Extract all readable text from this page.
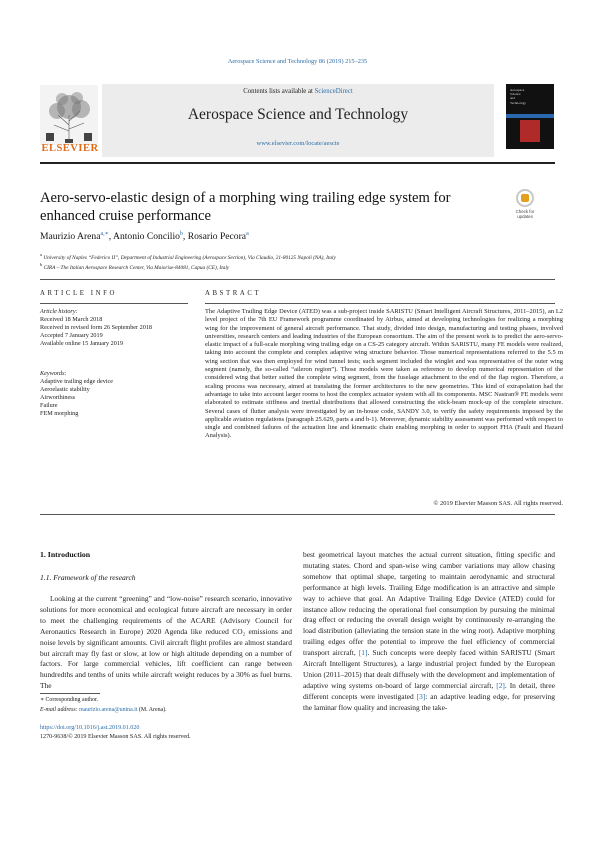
Aerospace Science and Technology 86 (2019) 215–235
Contents lists available at ScienceDirect
Aerospace Science and Technology
www.elsevier.com/locate/aescte
ELSEVIER
Aerospace
Science
and
Technology
Aero-servo-elastic design of a morphing wing trailing edge system for enhanced cruise performance	Check for
updates
Maurizio Arena$^{a,∗}$, Antonio Concilio$^b$, Rosario Pecora$^a$
$^a$ University of Naples “Federico II”, Department of Industrial Engineering (Aerospace Section), Via Claudio, 21-80125 Napoli (NA), Italy
$^b$ CIRA – The Italian Aerospace Research Center, Via Maiorise-84081, Capua (CE), Italy
ARTICLE INFO	ABSTRACT
Article history:
Received 18 March 2018
Received in revised form 26 September 2018
Accepted 7 January 2019
Available online 15 January 2019
Keywords:
Adaptive trailing edge device
Aeroelastic stability
Airworthiness
Failure
FEM morphing
The Adaptive Trailing Edge Device (ATED) was a sub-project inside SARISTU (Smart Intelligent Aircraft Structures, 2011–2015), an L2 level project of the 7th EU Framework programme coordinated by Airbus, aimed at developing technologies for realizing a morphing wing for the improvement of general aircraft performance. That study, divided into design, manufacturing and testing phases, involved universities, research centers and leading industries of the European consortium. The aim of the present work is to predict the aero-servo-elastic impact of a full-scale morphing wing trailing edge on a CS-25 category aircraft. Within SARISTU, many FE models were realized, taking into account the complete and complex adaptive wing structure behavior. Those numerical representations referred to the 5.5 m wing section that was then employed for wind tunnel tests; such segment included the winglet and was representative of the outer wing segment (namely, the so-called “aileron region”). Those models were taken as reference to develop numerical representation of the considered wing that better suited the complete wing segment, from the fuselage attachment to the end of the flap region. Therefore, a scaling process was necessary, aimed at translating the former architectures to the new geometries. This kind of extrapolation had the advantage to take into account larger rooms to host the complex actuator system with all its components. MSC Nastran® FE models were elaborated to estimate stiffness and inertial distributions that allowed constructing the stick-beam mock-up of the complete structure. Several cases of flutter analysis were investigated by an in-house code, SANDY 3.0, to verify the safety requirements imposed by the applicable aviation regulations (paragraph 25.629, parts a and b-1). Moreover, dynamic stability assessment was performed with respect to single and combined failures of the actuation line and kinematic chain enabling morphing in order to support FHA (Fault and Hazard Analysis).
© 2019 Elsevier Masson SAS. All rights reserved.
1. Introduction
1.1. Framework of the research
Looking at the current “greening” and “low-noise” research scenario, innovative solutions for more economical and ecological future aircraft are necessary in order to meet the challenging requirements of the ACARE (Advisory Council for Aeronautics Research in Europe) 2020 Agenda like reduced CO₂ emissions and noise levels by significant amounts. Civil aircraft flight profiles are almost standard but aircraft may fly fast or slow, at low or high altitude depending on a number of factors. For large commercial vehicles, lift coefficient can range between hundredths and tenths of units while aircraft weight reduces by a 30% as fuel burns. The
best geometrical layout matches the actual current situation, fitting specific and mutating states. Chord and span-wise wing camber variations may allow chasing somehow that optimal shape, targeting to maintain aerodynamic and structural performance at high levels. Trailing Edge modification is an attractive and simple way to achieve that goal. An Adaptive Trailing Edge Device (ATED) could for instance allow reducing the operational fuel consumption by pursuing the minimal drag effect or reducing the overall design weight by continuously re-arranging the load distribution (alleviating the tension state in the wing root). Adaptive morphing trailing edges offer the potential to improve the fuel efficiency of commercial transport aircraft, [1]. Such concepts were deeply faced within SARISTU (Smart Aircraft Intelligent Structures), a large industrial project funded by the European Union (2011–2015) that dealt diffusely with the development and implementation of adaptive wing systems on-board of large commercial aircraft, [2]. In detail, three different concepts were investigated [3]: an adaptive leading edge, for preserving the laminar flow quality and increasing the take-
∗ Corresponding author.
E-mail address: maurizio.arena@unina.it (M. Arena).
https://doi.org/10.1016/j.ast.2019.01.020
1270-9638/© 2019 Elsevier Masson SAS. All rights reserved.
